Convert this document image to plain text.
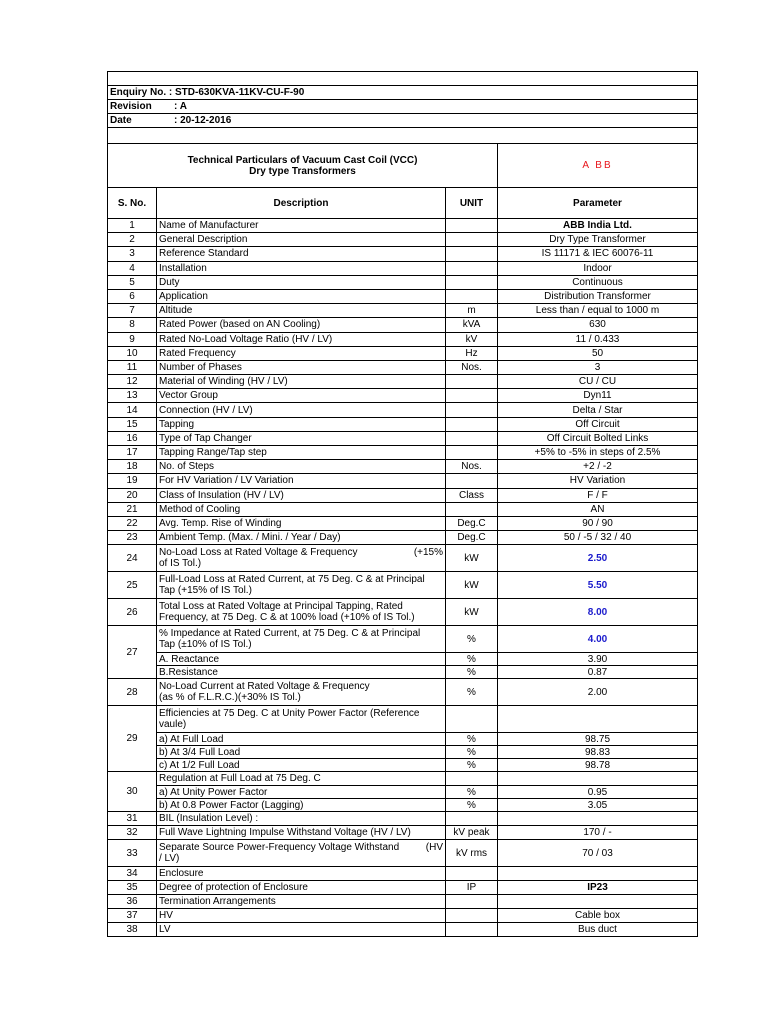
Enquiry No. : STD-630KVA-11KV-CU-F-90			
Revision : A			
Date : 20-12-2016			

Technical Particulars of Vacuum Cast Coil (VCC)
Dry type Transformers			A BB
S. No.	Description	UNIT	Parameter
1	Name of Manufacturer		ABB India Ltd.
2	General Description		Dry Type Transformer
3	Reference Standard		IS 11171 & IEC 60076-11
4	Installation		Indoor
5	Duty		Continuous
6	Application		Distribution Transformer
7	Altitude	m	Less than / equal to 1000 m
8	Rated Power (based on AN Cooling)	kVA	630
9	Rated No-Load Voltage Ratio (HV / LV)	kV	11 / 0.433
10	Rated Frequency	Hz	50
11	Number of Phases	Nos.	3
12	Material of Winding (HV / LV)		CU / CU
13	Vector Group		Dyn11
14	Connection (HV / LV)		Delta / Star
15	Tapping		Off Circuit
16	Type of Tap Changer		Off Circuit Bolted Links
17	Tapping Range/Tap step		+5% to -5% in steps of 2.5%
18	No. of Steps	Nos.	+2 / -2
19	For HV Variation / LV Variation		HV Variation
20	Class of Insulation (HV / LV)	Class	F / F
21	Method of Cooling		AN
22	Avg. Temp. Rise of Winding	Deg.C	90 / 90
23	Ambient Temp. (Max. / Mini. / Year / Day)	Deg.C	50 / -5 / 32 / 40
24	No-Load Loss at Rated Voltage & Frequency (+15%
of IS Tol.)	kW	2.50
25	Full-Load Loss at Rated Current, at 75 Deg. C & at Principal
Tap (+15% of IS Tol.)	kW	5.50
26	Total Loss at Rated Voltage at Principal Tapping, Rated
Frequency, at 75 Deg. C & at 100% load (+10% of IS Tol.)	kW	8.00
27	% Impedance at Rated Current, at 75 Deg. C & at Principal
Tap (±10% of IS Tol.)	%	4.00
	A. Reactance	%	3.90
	B.Resistance	%	0.87
28	No-Load Current at Rated Voltage & Frequency
(as % of F.L.R.C.)(+30% IS Tol.)	%	2.00
29	Efficiencies at 75 Deg. C at Unity Power Factor (Reference
vaule)		
	a) At Full Load	%	98.75
	b) At 3/4 Full Load	%	98.83
	c) At 1/2 Full Load	%	98.78
30	Regulation at Full Load at 75 Deg. C		
	a) At Unity Power Factor	%	0.95
	b) At 0.8 Power Factor (Lagging)	%	3.05
31	BIL (Insulation Level) :		
32	Full Wave Lightning Impulse Withstand Voltage (HV / LV)	kV peak	170 / -
33	Separate Source Power-Frequency Voltage Withstand (HV
/ LV)	kV rms	70 / 03
34	Enclosure		
35	Degree of protection of Enclosure	IP	IP23
36	Termination Arrangements		
37	HV		Cable box
38	LV		Bus duct
